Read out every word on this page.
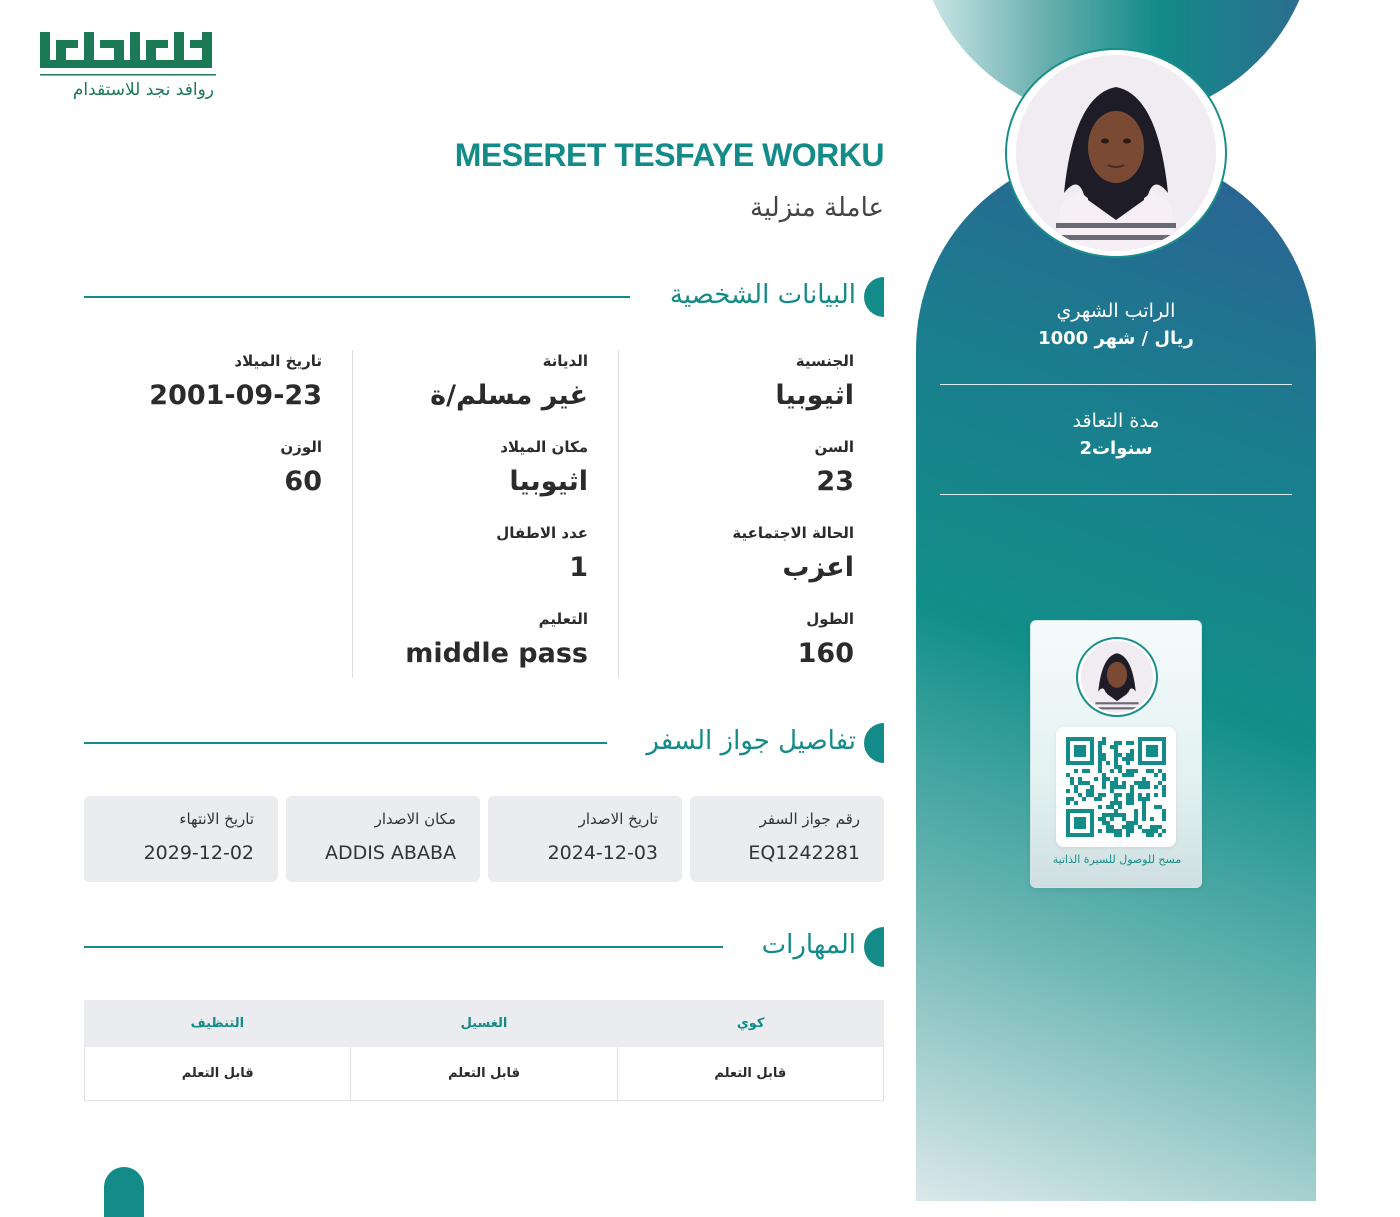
الراتب الشهري
1000 ريال / شهر
مدة التعاقد
2سنوات
مسح للوصول للسيرة الذاتية
روافد نجد للاستقدام
MESERET TESFAYE WORKU
عاملة منزلية
البيانات الشخصية
الجنسية
اثيوبيا
السن
23
الحالة الاجتماعية
اعزب
الطول
160
الديانة
غير مسلم/ة
مكان الميلاد
اثيوبيا
عدد الاطفال
1
التعليم
middle pass
تاريخ الميلاد
2001-09-23
الوزن
60
تفاصيل جواز السفر
رقم جواز السفر
EQ1242281
تاريخ الاصدار
2024-12-03
مكان الاصدار
ADDIS ABABA
تاريخ الانتهاء
2029-12-02
المهارات
كوي
الغسيل
التنظيف
قابل التعلم
قابل التعلم
قابل التعلم
